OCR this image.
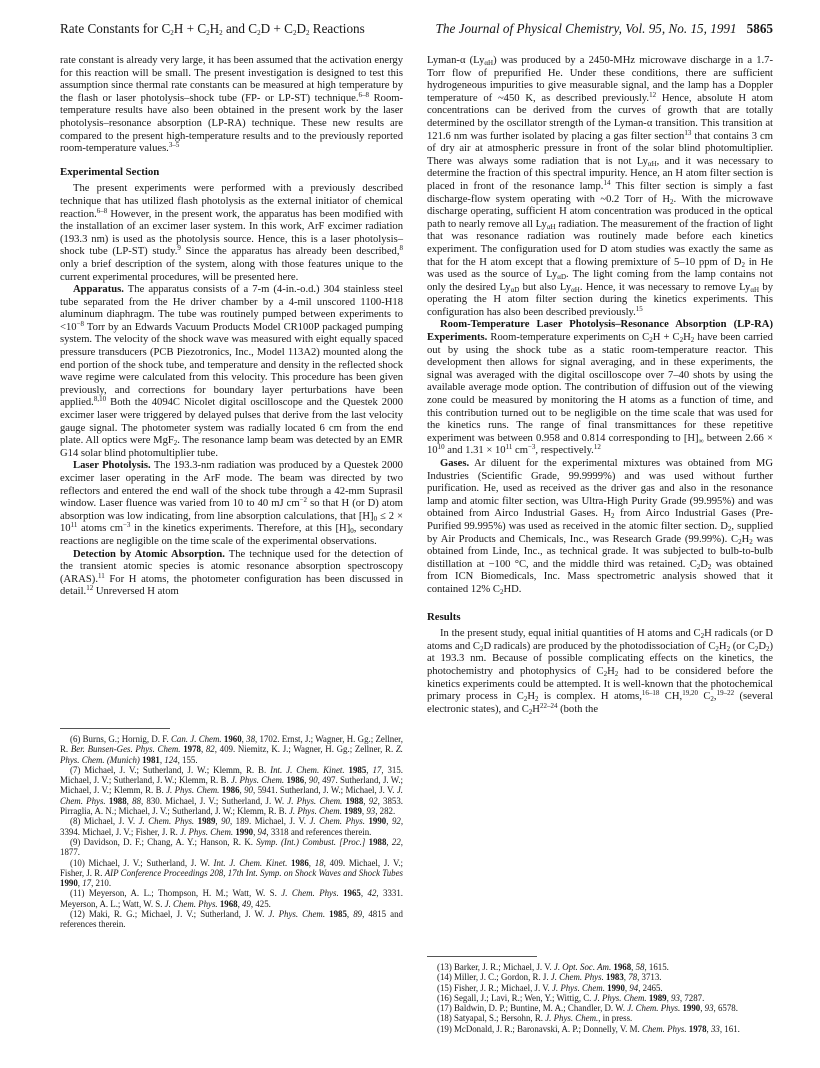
Rate Constants for $C_2H + C_2H_2$ and $C_2D + C_2D_2$ Reactions	The Journal of Physical Chemistry, Vol. 95, No. 15, 1991 5865

rate constant is already very large, it has been assumed that the activation energy for this reaction will be small. The present investigation is designed to test this assumption since thermal rate constants can be measured at high temperature by the flash or laser photolysis–shock tube (FP- or LP-ST) technique.$^{6-8}$ Room-temperature results have also been obtained in the present work by the laser photolysis–resonance absorption (LP-RA) technique. These new results are compared to the present high-temperature results and to the previously reported room-temperature values.$^{3-5}$

Experimental Section

The present experiments were performed with a previously described technique that has utilized flash photolysis as the external initiator of chemical reaction.$^{6-8}$ However, in the present work, the apparatus has been modified with the installation of an excimer laser system. In this work, ArF excimer radiation (193.3 nm) is used as the photolysis source. Hence, this is a laser photolysis–shock tube (LP-ST) study.$^9$ Since the apparatus has already been described,$^8$ only a brief description of the system, along with those features unique to the current experimental procedures, will be presented here.

Apparatus. The apparatus consists of a 7-m (4-in.-o.d.) 304 stainless steel tube separated from the He driver chamber by a 4-mil unscored 1100-H18 aluminum diaphragm. The tube was routinely pumped between experiments to $<10^{-8}$ Torr by an Edwards Vacuum Products Model CR100P packaged pumping system. The velocity of the shock wave was measured with eight equally spaced pressure transducers (PCB Piezotronics, Inc., Model 113A2) mounted along the end portion of the shock tube, and temperature and density in the reflected shock wave regime were calculated from this velocity. This procedure has been given previously, and corrections for boundary layer perturbations have been applied.$^{8,10}$ Both the 4094C Nicolet digital oscilloscope and the Questek 2000 excimer laser were triggered by delayed pulses that derive from the last velocity gauge signal. The photometer system was radially located 6 cm from the end plate. All optics were MgF$_2$. The resonance lamp beam was detected by an EMR G14 solar blind photomultiplier tube.

Laser Photolysis. The 193.3-nm radiation was produced by a Questek 2000 excimer laser operating in the ArF mode. The beam was directed by two reflectors and entered the end wall of the shock tube through a 42-mm Suprasil window. Laser fluence was varied from 10 to 40 mJ $cm^{-2}$ so that H (or D) atom absorption was low indicating, from line absorption calculations, that $[H]_0 \le 2 \times 10^{11}$ atoms $cm^{-3}$ in the kinetics experiments. Therefore, at this $[H]_0$, secondary reactions are negligible on the time scale of the experimental observations.

Detection by Atomic Absorption. The technique used for the detection of the transient atomic species is atomic resonance absorption spectroscopy (ARAS).$^{11}$ For H atoms, the photometer configuration has been discussed in detail.$^{12}$ Unreversed H atom

(6) Burns, G.; Hornig, D. F. Can. J. Chem. 1960, 38, 1702. Ernst, J.; Wagner, H. Gg.; Zellner, R. Ber. Bunsen-Ges. Phys. Chem. 1978, 82, 409. Niemitz, K. J.; Wagner, H. Gg.; Zellner, R. Z. Phys. Chem. (Munich) 1981, 124, 155.

(7) Michael, J. V.; Sutherland, J. W.; Klemm, R. B. Int. J. Chem. Kinet. 1985, 17, 315. Michael, J. V.; Sutherland, J. W.; Klemm, R. B. J. Phys. Chem. 1986, 90, 497. Sutherland, J. W.; Michael, J. V.; Klemm, R. B. J. Phys. Chem. 1986, 90, 5941. Sutherland, J. W.; Michael, J. V. J. Chem. Phys. 1988, 88, 830. Michael, J. V.; Sutherland, J. W. J. Phys. Chem. 1988, 92, 3853. Pirraglia, A. N.; Michael, J. V.; Sutherland, J. W.; Klemm, R. B. J. Phys. Chem. 1989, 93, 282.

(8) Michael, J. V. J. Chem. Phys. 1989, 90, 189. Michael, J. V. J. Chem. Phys. 1990, 92, 3394. Michael, J. V.; Fisher, J. R. J. Phys. Chem. 1990, 94, 3318 and references therein.

(9) Davidson, D. F.; Chang, A. Y.; Hanson, R. K. Symp. (Int.) Combust. [Proc.] 1988, 22, 1877.

(10) Michael, J. V.; Sutherland, J. W. Int. J. Chem. Kinet. 1986, 18, 409. Michael, J. V.; Fisher, J. R. AIP Conference Proceedings 208, 17th Int. Symp. on Shock Waves and Shock Tubes 1990, 17, 210.

(11) Meyerson, A. L.; Thompson, H. M.; Watt, W. S. J. Chem. Phys. 1965, 42, 3331. Meyerson, A. L.; Watt, W. S. J. Chem. Phys. 1968, 49, 425.

(12) Maki, R. G.; Michael, J. V.; Sutherland, J. W. J. Phys. Chem. 1985, 89, 4815 and references therein.

Lyman-α $(Ly_{\alpha H})$ was produced by a 2450-MHz microwave discharge in a 1.7-Torr flow of prepurified He. Under these conditions, there are sufficient hydrogeneous impurities to give measurable signal, and the lamp has a Doppler temperature of ~450 K, as described previously.$^{12}$ Hence, absolute H atom concentrations can be derived from the curves of growth that are totally determined by the oscillator strength of the Lyman-α transition. This transition at 121.6 nm was further isolated by placing a gas filter section$^{13}$ that contains 3 cm of dry air at atmospheric pressure in front of the solar blind photomultiplier. There was always some radiation that is not $Ly_{\alpha H}$, and it was necessary to determine the fraction of this spectral impurity. Hence, an H atom filter section is placed in front of the resonance lamp.$^{14}$ This filter section is simply a fast discharge-flow system operating with ~0.2 Torr of $H_2$. With the microwave discharge operating, sufficient H atom concentration was produced in the optical path to nearly remove all $Ly_{\alpha H}$ radiation. The measurement of the fraction of light that was resonance radiation was routinely made before each kinetics experiment. The configuration used for D atom studies was exactly the same as that for the H atom except that a flowing premixture of 5–10 ppm of $D_2$ in He was used as the source of $Ly_{\alpha D}$. The light coming from the lamp contains not only the desired $Ly_{\alpha D}$ but also $Ly_{\alpha H}$. Hence, it was necessary to remove $Ly_{\alpha H}$ by operating the H atom filter section during the kinetics experiments. This configuration has also been described previously.$^{15}$

Room-Temperature Laser Photolysis–Resonance Absorption (LP-RA) Experiments. Room-temperature experiments on $C_2H + C_2H_2$ have been carried out by using the shock tube as a static room-temperature reactor. This development then allows for signal averaging, and in these experiments, the signal was averaged with the digital oscilloscope over 7–40 shots by using the available average mode option. The contribution of diffusion out of the viewing zone could be measured by monitoring the H atoms as a function of time, and this contribution turned out to be negligible on the time scale that was used for the kinetics runs. The range of final transmittances for these repetitive experiment was between 0.958 and 0.814 corresponding to $[H]_\infty$ between $2.66 \times 10^{10}$ and $1.31 \times 10^{11}$ $cm^{-3}$, respectively.$^{12}$

Gases. Ar diluent for the experimental mixtures was obtained from MG Industries (Scientific Grade, 99.9999%) and was used without further purification. He, used as received as the driver gas and also in the resonance lamp and atomic filter section, was Ultra-High Purity Grade (99.995%) and was obtained from Airco Industrial Gases. $H_2$ from Airco Industrial Gases (Pre-Purified 99.995%) was used as received in the atomic filter section. $D_2$, supplied by Air Products and Chemicals, Inc., was Research Grade (99.99%). $C_2H_2$ was obtained from Linde, Inc., as technical grade. It was subjected to bulb-to-bulb distillation at −100 °C, and the middle third was retained. $C_2D_2$ was obtained from ICN Biomedicals, Inc. Mass spectrometric analysis showed that it contained 12% $C_2HD$.

Results

In the present study, equal initial quantities of H atoms and $C_2H$ radicals (or D atoms and $C_2D$ radicals) are produced by the photodissociation of $C_2H_2$ (or $C_2D_2$) at 193.3 nm. Because of possible complicating effects on the kinetics, the photochemistry and photophysics of $C_2H_2$ had to be considered before the kinetics experiments could be attempted. It is well-known that the photochemical primary process in $C_2H_2$ is complex. H atoms,$^{16-18}$ CH,$^{19,20}$ $C_2,^{19-22}$ (several electronic states), and $C_2H^{22-24}$ (both the

(13) Barker, J. R.; Michael, J. V. J. Opt. Soc. Am. 1968, 58, 1615.

(14) Miller, J. C.; Gordon, R. J. J. Chem. Phys. 1983, 78, 3713.

(15) Fisher, J. R.; Michael, J. V. J. Phys. Chem. 1990, 94, 2465.

(16) Segall, J.; Lavi, R.; Wen, Y.; Wittig, C. J. Phys. Chem. 1989, 93, 7287.

(17) Baldwin, D. P.; Buntine, M. A.; Chandler, D. W. J. Chem. Phys. 1990, 93, 6578.

(18) Satyapal, S.; Bersohn, R. J. Phys. Chem., in press.

(19) McDonald, J. R.; Baronavski, A. P.; Donnelly, V. M. Chem. Phys. 1978, 33, 161.
